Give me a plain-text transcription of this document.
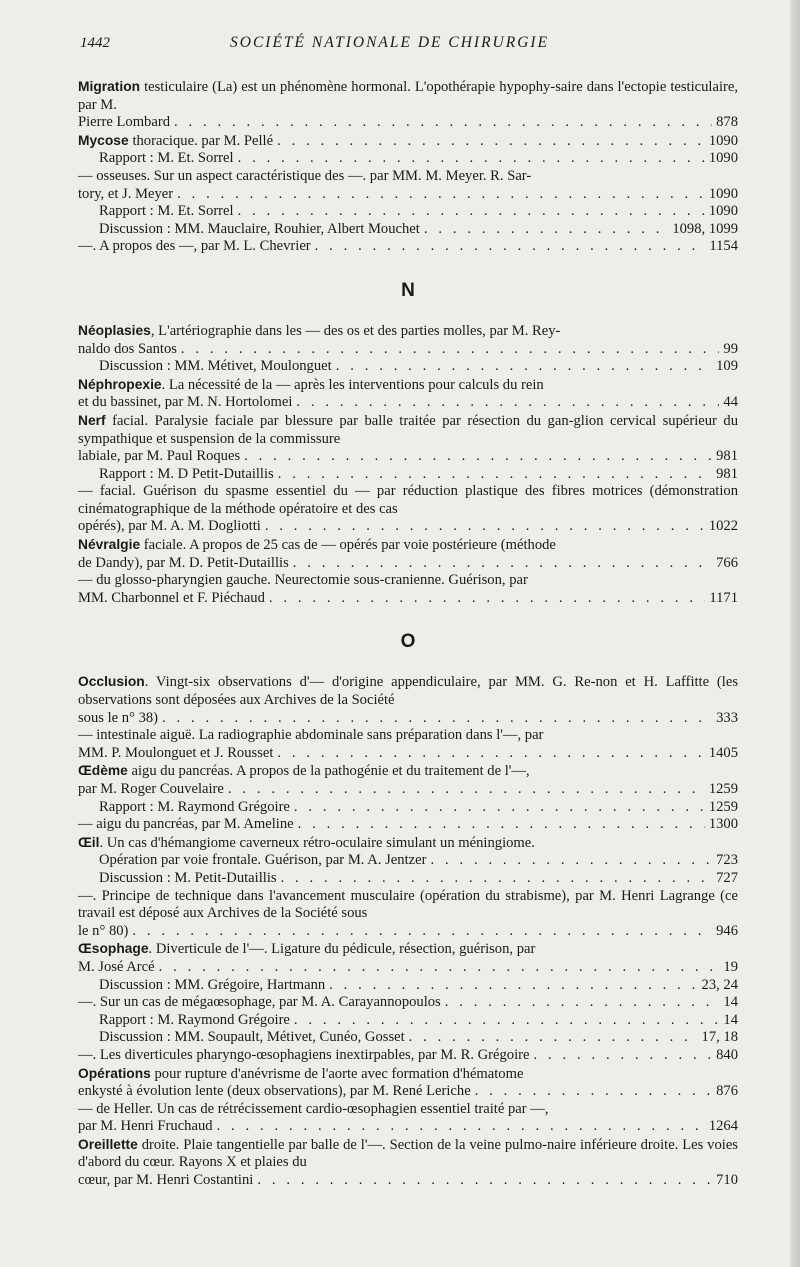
1442	SOCIÉTÉ NATIONALE DE CHIRURGIE
Migration testiculaire (La) est un phénomène hormonal. L'opothérapie hypophy-saire dans l'ectopie testiculaire, par M.
Pierre Lombard . . .	878
Mycose thoracique. par M. Pellé . . .	1090
Rapport : M. Et. Sorrel . . .	1090
— osseuses. Sur un aspect caractéristique des —. par MM. M. Meyer. R. Sar-
tory, et J. Meyer . . .	1090
Rapport : M. Et. Sorrel . . .	1090
Discussion : MM. Mauclaire, Rouhier, Albert Mouchet . . .	1098, 1099
—. A propos des —, par M. L. Chevrier . . .	1154
N
Néoplasies, L'artériographie dans les — des os et des parties molles, par M. Rey-
naldo dos Santos . . .	99
Discussion : MM. Métivet, Moulonguet . . .	109
Néphropexie. La nécessité de la — après les interventions pour calculs du rein
et du bassinet, par M. N. Hortolomei . . .	44
Nerf facial. Paralysie faciale par blessure par balle traitée par résection du gan-glion cervical supérieur du sympathique et suspension de la commissure
labiale, par M. Paul Roques . . .	981
Rapport : M. D Petit-Dutaillis . . .	981
— facial. Guérison du spasme essentiel du — par réduction plastique des fibres motrices (démonstration cinématographique de la méthode opératoire et des cas
opérés), par M. A. M. Dogliotti . . .	1022
Névralgie faciale. A propos de 25 cas de — opérés par voie postérieure (méthode
de Dandy), par M. D. Petit-Dutaillis . . .	766
— du glosso-pharyngien gauche. Neurectomie sous-cranienne. Guérison, par
MM. Charbonnel et F. Piéchaud . . .	1171
O
Occlusion. Vingt-six observations d'— d'origine appendiculaire, par MM. G. Re-non et H. Laffitte (les observations sont déposées aux Archives de la Société
sous le n° 38) . . .	333
— intestinale aiguë. La radiographie abdominale sans préparation dans l'—, par
MM. P. Moulonguet et J. Rousset . . .	1405
Œdème aigu du pancréas. A propos de la pathogénie et du traitement de l'—,
par M. Roger Couvelaire . . .	1259
Rapport : M. Raymond Grégoire . . .	1259
— aigu du pancréas, par M. Ameline . . .	1300
Œil. Un cas d'hémangiome caverneux rétro-oculaire simulant un méningiome.
Opération par voie frontale. Guérison, par M. A. Jentzer . . .	723
Discussion : M. Petit-Dutaillis . . .	727
—. Principe de technique dans l'avancement musculaire (opération du strabisme), par M. Henri Lagrange (ce travail est déposé aux Archives de la Société sous
le n° 80) . . .	946
Œsophage. Diverticule de l'—. Ligature du pédicule, résection, guérison, par
M. José Arcé . . .	19
Discussion : MM. Grégoire, Hartmann . . .	23, 24
—. Sur un cas de mégaœsophage, par M. A. Carayannopoulos . . .	14
Rapport : M. Raymond Grégoire . . .	14
Discussion : MM. Soupault, Métivet, Cunéo, Gosset . . .	17, 18
—. Les diverticules pharyngo-œsophagiens inextirpables, par M. R. Grégoire . . .	840
Opérations pour rupture d'anévrisme de l'aorte avec formation d'hématome
enkysté à évolution lente (deux observations), par M. René Leriche . . .	876
— de Heller. Un cas de rétrécissement cardio-œsophagien essentiel traité par —,
par M. Henri Fruchaud . . .	1264
Oreillette droite. Plaie tangentielle par balle de l'—. Section de la veine pulmo-naire inférieure droite. Les voies d'abord du cœur. Rayons X et plaies du
cœur, par M. Henri Costantini . . .	710
